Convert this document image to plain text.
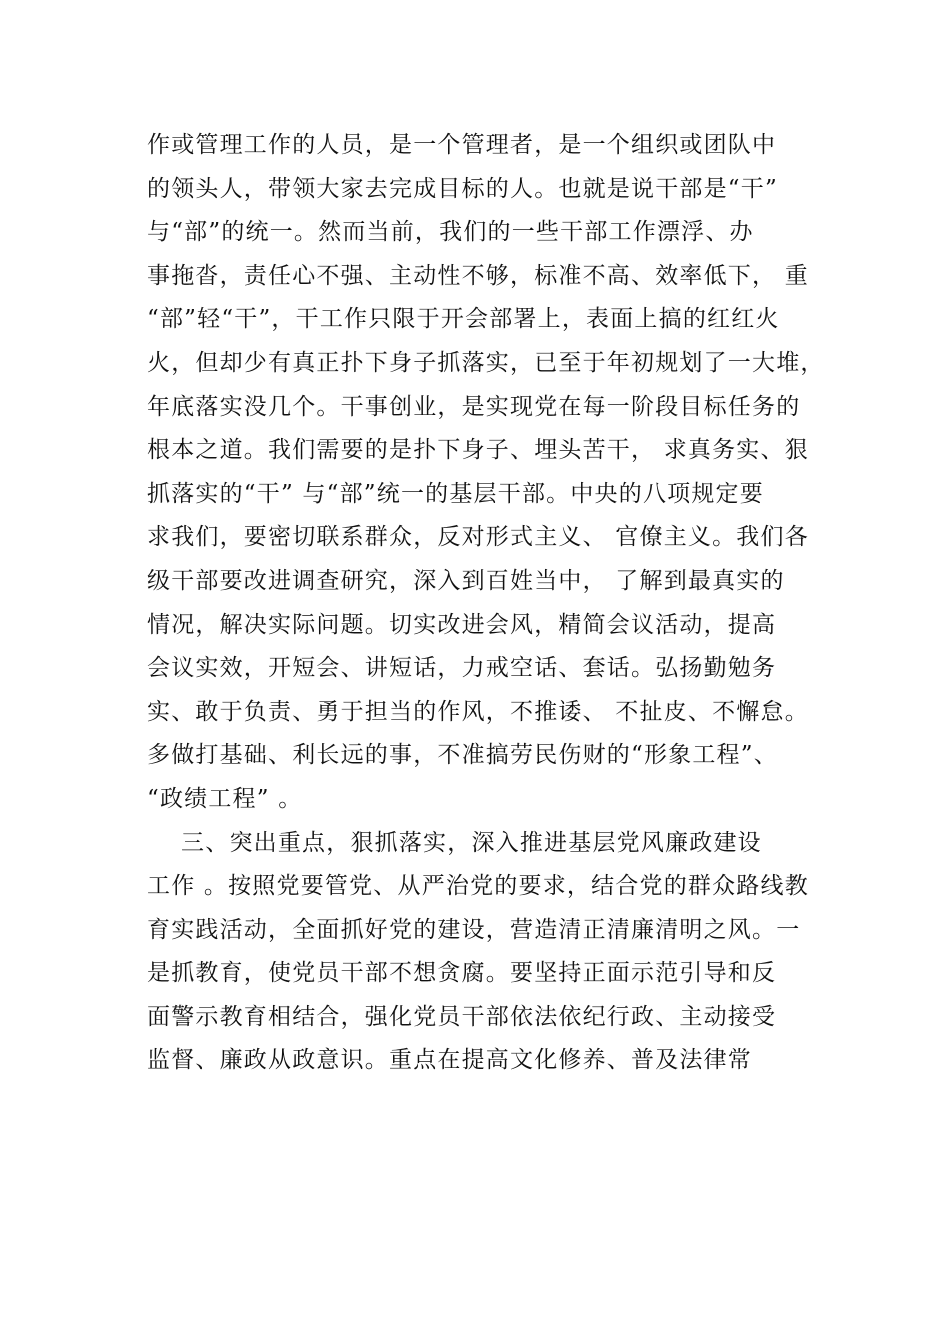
作或管理工作的人员，是一个管理者，是一个组织或团队中
的领头人，带领大家去完成目标的人。也就是说干部是“干”
与“部”的统一。然而当前，我们的一些干部工作漂浮、办
事拖沓，责任心不强、主动性不够，标准不高、效率低下， 重
“部”轻“干”，干工作只限于开会部署上，表面上搞的红红火
火，但却少有真正扑下身子抓落实，已至于年初规划了一大堆，
年底落实没几个。干事创业，是实现党在每一阶段目标任务的
根本之道。我们需要的是扑下身子、埋头苦干， 求真务实、狠
抓落实的“干” 与“部”统一的基层干部。中央的八项规定要
求我们，要密切联系群众，反对形式主义、 官僚主义。我们各
级干部要改进调查研究，深入到百姓当中， 了解到最真实的
情况，解决实际问题。切实改进会风，精简会议活动，提高
会议实效，开短会、讲短话，力戒空话、套话。弘扬勤勉务
实、敢于负责、勇于担当的作风，不推诿、 不扯皮、不懈怠。
多做打基础、利长远的事，不准搞劳民伤财的“形象工程”、
“政绩工程” 。
三、突出重点，狠抓落实，深入推进基层党风廉政建设
工作 。按照党要管党、从严治党的要求，结合党的群众路线教
育实践活动，全面抓好党的建设，营造清正清廉清明之风。一
是抓教育，使党员干部不想贪腐。要坚持正面示范引导和反
面警示教育相结合，强化党员干部依法依纪行政、主动接受
监督、廉政从政意识。重点在提高文化修养、普及法律常
